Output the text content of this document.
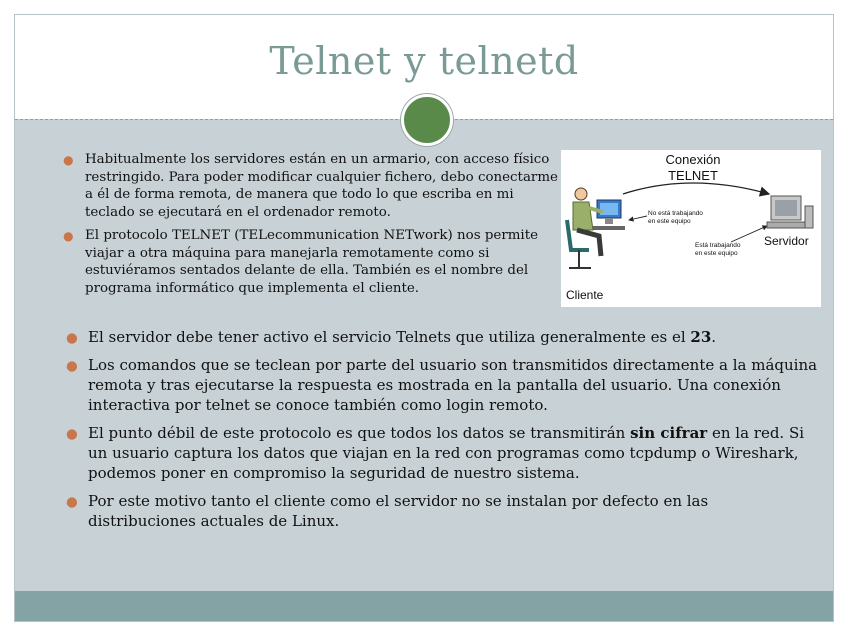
Telnet y telnetd
● Habitualmente los servidores están en un armario, con acceso físico restringido. Para poder modificar cualquier fichero, debo conectarme a él de forma remota, de manera que todo lo que escriba en mi teclado se ejecutará en el ordenador remoto.
● El protocolo TELNET (TELecommunication NETwork) nos permite viajar a otra máquina para manejarla remotamente como si estuviéramos sentados delante de ella. También es el nombre del programa informático que implementa el cliente.
Conexión
TELNET
No está trabajando
en este equipo
Está trabajando
en este equipo
Servidor
Cliente
● El servidor debe tener activo el servicio Telnets que utiliza generalmente es el 23.
● Los comandos que se teclean por parte del usuario son transmitidos directamente a la máquina remota y tras ejecutarse la respuesta es mostrada en la pantalla del usuario. Una conexión interactiva por telnet se conoce también como login remoto.
● El punto débil de este protocolo es que todos los datos se transmitirán sin cifrar en la red. Si un usuario captura los datos que viajan en la red con programas como tcpdump o Wireshark, podemos poner en compromiso la seguridad de nuestro sistema.
● Por este motivo tanto el cliente como el servidor no se instalan por defecto en las distribuciones actuales de Linux.
